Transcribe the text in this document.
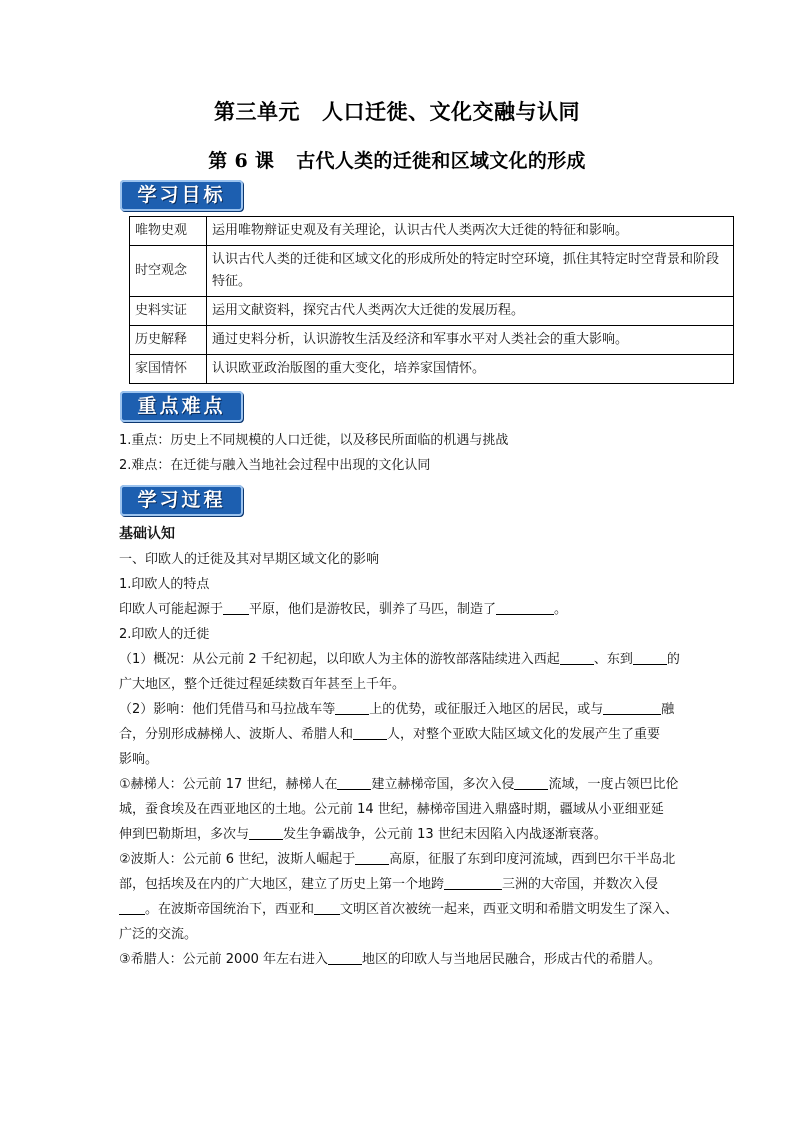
第三单元 人口迁徙、文化交融与认同
第 6 课 古代人类的迁徙和区域文化的形成
学习目标
唯物史观	运用唯物辩证史观及有关理论，认识古代人类两次大迁徙的特征和影响。
时空观念	认识古代人类的迁徙和区域文化的形成所处的特定时空环境，抓住其特定时空背景和阶段特征。
史料实证	运用文献资料，探究古代人类两次大迁徙的发展历程。
历史解释	通过史料分析，认识游牧生活及经济和军事水平对人类社会的重大影响。
家国情怀	认识欧亚政治版图的重大变化，培养家国情怀。
重点难点
1.重点：历史上不同规模的人口迁徙，以及移民所面临的机遇与挑战
2.难点：在迁徙与融入当地社会过程中出现的文化认同
学习过程
基础认知
一、印欧人的迁徙及其对早期区域文化的影响
1.印欧人的特点
印欧人可能起源于 平原，他们是游牧民，驯养了马匹，制造了	。
2.印欧人的迁徙
（1）概况：从公元前 2 千纪初起，以印欧人为主体的游牧部落陆续进入西起	、东到	的
广大地区，整个迁徙过程延续数百年甚至上千年。
（2）影响：他们凭借马和马拉战车等	上的优势，或征服迁入地区的居民，或与	融
合，分别形成赫梯人、波斯人、希腊人和	人，对整个亚欧大陆区域文化的发展产生了重要
影响。
①赫梯人：公元前 17 世纪，赫梯人在	建立赫梯帝国，多次入侵	流域，一度占领巴比伦
城，蚕食埃及在西亚地区的土地。公元前 14 世纪，赫梯帝国进入鼎盛时期，疆域从小亚细亚延
伸到巴勒斯坦，多次与	发生争霸战争，公元前 13 世纪末因陷入内战逐渐衰落。
②波斯人：公元前 6 世纪，波斯人崛起于	高原，征服了东到印度河流域，西到巴尔干半岛北
部，包括埃及在内的广大地区，建立了历史上第一个地跨	三洲的大帝国，并数次入侵
。在波斯帝国统治下，西亚和 文明区首次被统一起来，西亚文明和希腊文明发生了深入、
广泛的交流。
③希腊人：公元前 2000 年左右进入	地区的印欧人与当地居民融合，形成古代的希腊人。
